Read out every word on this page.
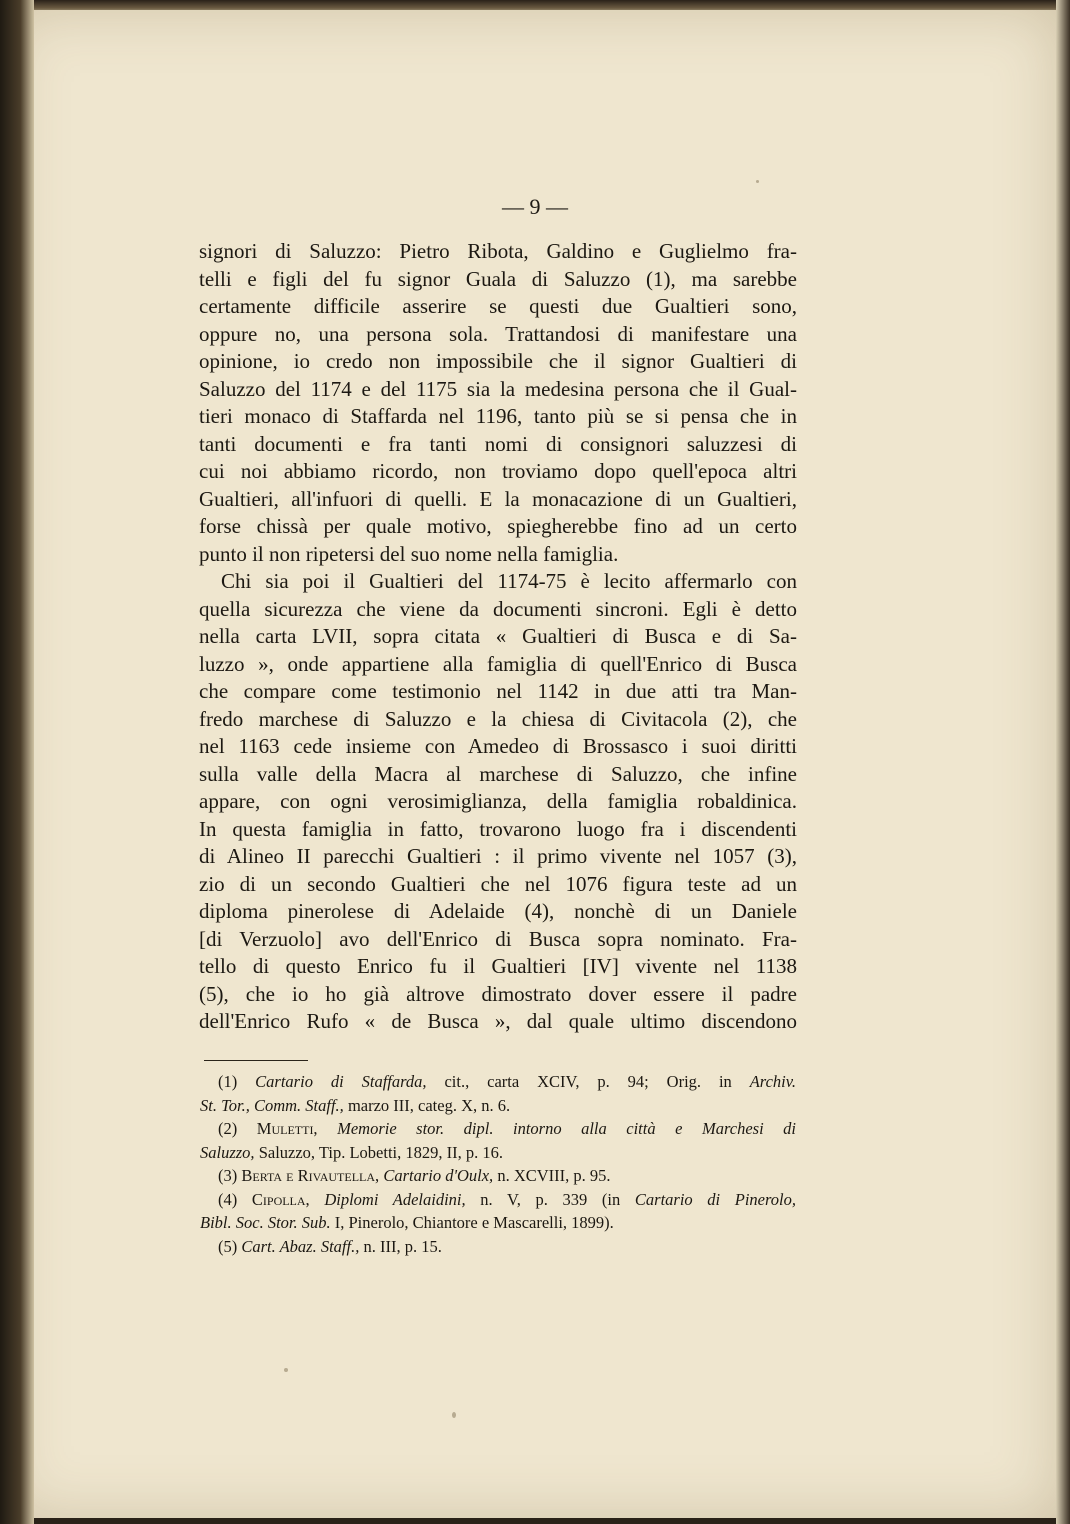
— 9 —
signori di Saluzzo: Pietro Ribota, Galdino e Guglielmo fra-
telli e figli del fu signor Guala di Saluzzo (1), ma sarebbe
certamente difficile asserire se questi due Gualtieri sono,
oppure no, una persona sola. Trattandosi di manifestare una
opinione, io credo non impossibile che il signor Gualtieri di
Saluzzo del 1174 e del 1175 sia la medesina persona che il Gual-
tieri monaco di Staffarda nel 1196, tanto più se si pensa che in
tanti documenti e fra tanti nomi di consignori saluzzesi di
cui noi abbiamo ricordo, non troviamo dopo quell'epoca altri
Gualtieri, all'infuori di quelli. E la monacazione di un Gualtieri,
forse chissà per quale motivo, spiegherebbe fino ad un certo
punto il non ripetersi del suo nome nella famiglia.
Chi sia poi il Gualtieri del 1174-75 è lecito affermarlo con
quella sicurezza che viene da documenti sincroni. Egli è detto
nella carta LVII, sopra citata « Gualtieri di Busca e di Sa-
luzzo », onde appartiene alla famiglia di quell'Enrico di Busca
che compare come testimonio nel 1142 in due atti tra Man-
fredo marchese di Saluzzo e la chiesa di Civitacola (2), che
nel 1163 cede insieme con Amedeo di Brossasco i suoi diritti
sulla valle della Macra al marchese di Saluzzo, che infine
appare, con ogni verosimiglianza, della famiglia robaldinica.
In questa famiglia in fatto, trovarono luogo fra i discendenti
di Alineo II parecchi Gualtieri : il primo vivente nel 1057 (3),
zio di un secondo Gualtieri che nel 1076 figura teste ad un
diploma pinerolese di Adelaide (4), nonchè di un Daniele
[di Verzuolo] avo dell'Enrico di Busca sopra nominato. Fra-
tello di questo Enrico fu il Gualtieri [IV] vivente nel 1138
(5), che io ho già altrove dimostrato dover essere il padre
dell'Enrico Rufo « de Busca », dal quale ultimo discendono
(1) Cartario di Staffarda, cit., carta XCIV, p. 94; Orig. in Archiv.
St. Tor., Comm. Staff., marzo III, categ. X, n. 6.
(2) Muletti, Memorie stor. dipl. intorno alla città e Marchesi di
Saluzzo, Saluzzo, Tip. Lobetti, 1829, II, p. 16.
(3) Berta e Rivautella, Cartario d'Oulx, n. XCVIII, p. 95.
(4) Cipolla, Diplomi Adelaidini, n. V, p. 339 (in Cartario di Pinerolo,
Bibl. Soc. Stor. Sub. I, Pinerolo, Chiantore e Mascarelli, 1899).
(5) Cart. Abaz. Staff., n. III, p. 15.
